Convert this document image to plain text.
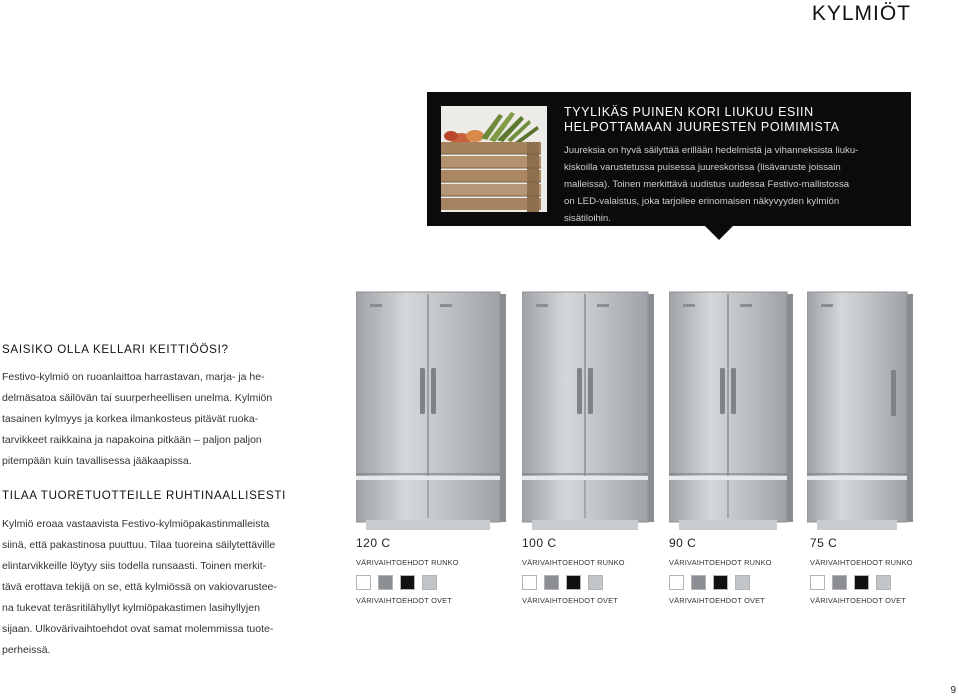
KYLMIÖT
TYYLIKÄS PUINEN KORI LIUKUU ESIIN HELPOTTAMAAN JUURESTEN POIMIMISTA
Juureksia on hyvä säilyttää erillään hedelmistä ja vihanneksista liuku-
kiskoilla varustetussa puisessa juureskorissa (lisävaruste joissain
malleissa). Toinen merkittävä uudistus uudessa Festivo-mallistossa
on LED-valaistus, joka tarjoilee erinomaisen näkyvyyden kylmiön
sisätiloihin.
SAISIKO OLLA KELLARI KEITTIÖÖSI?
Festivo-kylmiö on ruoanlaittoa harrastavan, marja- ja he-
delmäsatoa säilövän tai suurperheellisen unelma. Kylmiön
tasainen kylmyys ja korkea ilmankosteus pitävät ruoka-
tarvikkeet raikkaina ja napakoina pitkään – paljon paljon
pitempään kuin tavallisessa jääkaapissa.
TILAA TUORETUOTTEILLE RUHTINAALLISESTI
Kylmiö eroaa vastaavista Festivo-kylmiöpakastinmalleista
siinä, että pakastinosa puuttuu. Tilaa tuoreina säilytettäville
elintarvikkeille löytyy siis todella runsaasti. Toinen merkit-
tävä erottava tekijä on se, että kylmiössä on vakiovarustee-
na tukevat teräsritilähyllyt kylmiöpakastimen lasihyllyjen
sijaan. Ulkovärivaihtoehdot ovat samat molemmissa tuote-
perheissä.
120 C
VÄRIVAIHTOEHDOT RUNKO
VÄRIVAIHTOEHDOT OVET
100 C
VÄRIVAIHTOEHDOT RUNKO
VÄRIVAIHTOEHDOT OVET
90 C
VÄRIVAIHTOEHDOT RUNKO
VÄRIVAIHTOEHDOT OVET
75 C
VÄRIVAIHTOEHDOT RUNKO
VÄRIVAIHTOEHDOT OVET
9
